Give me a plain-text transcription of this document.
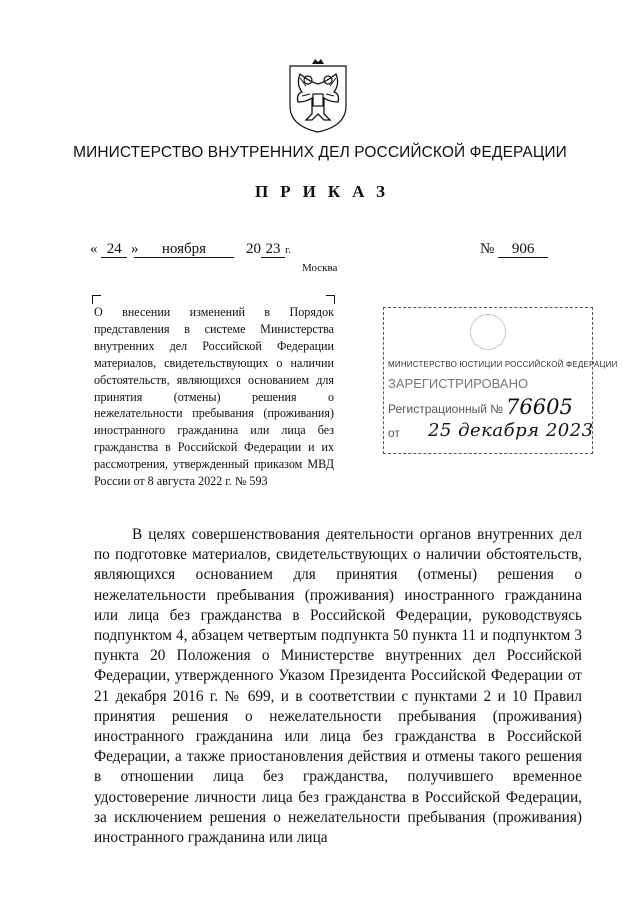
МИНИСТЕРСТВО ВНУТРЕННИХ ДЕЛ РОССИЙСКОЙ ФЕДЕРАЦИИ
ПРИКАЗ
« 24 »	ноября	20 23 г.	№ 906
Москва
О внесении изменений в Порядок представления в системе Министерства внутренних дел Российской Федерации материалов, свидетельствующих о наличии обстоятельств, являющихся основанием для принятия (отмены) решения о нежелательности пребывания (проживания) иностранного гражданина или лица без гражданства в Российской Федерации и их рассмотрения, утвержденный приказом МВД России от 8 августа 2022 г. № 593
МИНИСТЕРСТВО ЮСТИЦИИ РОССИЙСКОЙ ФЕДЕРАЦИИ
ЗАРЕГИСТРИРОВАНО
Регистрационный № 76605
от 25 декабря 2023

В целях совершенствования деятельности органов внутренних дел по подготовке материалов, свидетельствующих о наличии обстоятельств, являющихся основанием для принятия (отмены) решения о нежелательности пребывания (проживания) иностранного гражданина или лица без гражданства в Российской Федерации, руководствуясь подпунктом 4, абзацем четвертым подпункта 50 пункта 11 и подпунктом 3 пункта 20 Положения о Министерстве внутренних дел Российской Федерации, утвержденного Указом Президента Российской Федерации от 21 декабря 2016 г. № 699, и в соответствии с пунктами 2 и 10 Правил принятия решения о нежелательности пребывания (проживания) иностранного гражданина или лица без гражданства в Российской Федерации, а также приостановления действия и отмены такого решения в отношении лица без гражданства, получившего временное удостоверение личности лица без гражданства в Российской Федерации, за исключением решения о нежелательности пребывания (проживания) иностранного гражданина или лица
